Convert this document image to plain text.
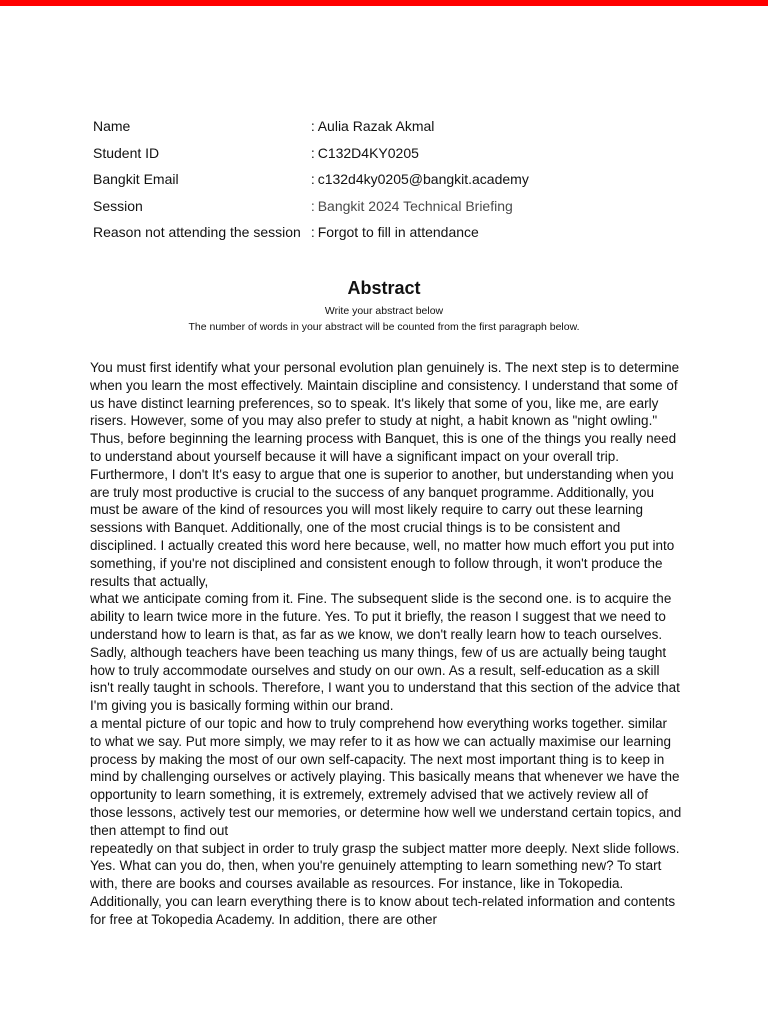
Name	: Aulia Razak Akmal
Student ID	: C132D4KY0205
Bangkit Email	: c132d4ky0205@bangkit.academy
Session	: Bangkit 2024 Technical Briefing
Reason not attending the session	: Forgot to fill in attendance
Abstract

Write your abstract below

The number of words in your abstract will be counted from the first paragraph below.

You must first identify what your personal evolution plan genuinely is. The next step is to determine when you learn the most effectively. Maintain discipline and consistency. I understand that some of us have distinct learning preferences, so to speak. It's likely that some of you, like me, are early risers. However, some of you may also prefer to study at night, a habit known as "night owling." Thus, before beginning the learning process with Banquet, this is one of the things you really need to understand about yourself because it will have a significant impact on your overall trip. Furthermore, I don't It's easy to argue that one is superior to another, but understanding when you are truly most productive is crucial to the success of any banquet programme. Additionally, you must be aware of the kind of resources you will most likely require to carry out these learning sessions with Banquet. Additionally, one of the most crucial things is to be consistent and disciplined. I actually created this word here because, well, no matter how much effort you put into something, if you're not disciplined and consistent enough to follow through, it won't produce the results that actually,

what we anticipate coming from it. Fine. The subsequent slide is the second one. is to acquire the ability to learn twice more in the future. Yes. To put it briefly, the reason I suggest that we need to understand how to learn is that, as far as we know, we don't really learn how to teach ourselves. Sadly, although teachers have been teaching us many things, few of us are actually being taught how to truly accommodate ourselves and study on our own. As a result, self-education as a skill isn't really taught in schools. Therefore, I want you to understand that this section of the advice that I'm giving you is basically forming within our brand.

a mental picture of our topic and how to truly comprehend how everything works together. similar to what we say. Put more simply, we may refer to it as how we can actually maximise our learning process by making the most of our own self-capacity. The next most important thing is to keep in mind by challenging ourselves or actively playing. This basically means that whenever we have the opportunity to learn something, it is extremely, extremely advised that we actively review all of those lessons, actively test our memories, or determine how well we understand certain topics, and then attempt to find out

repeatedly on that subject in order to truly grasp the subject matter more deeply. Next slide follows. Yes. What can you do, then, when you're genuinely attempting to learn something new? To start with, there are books and courses available as resources. For instance, like in Tokopedia. Additionally, you can learn everything there is to know about tech-related information and contents for free at Tokopedia Academy. In addition, there are other
